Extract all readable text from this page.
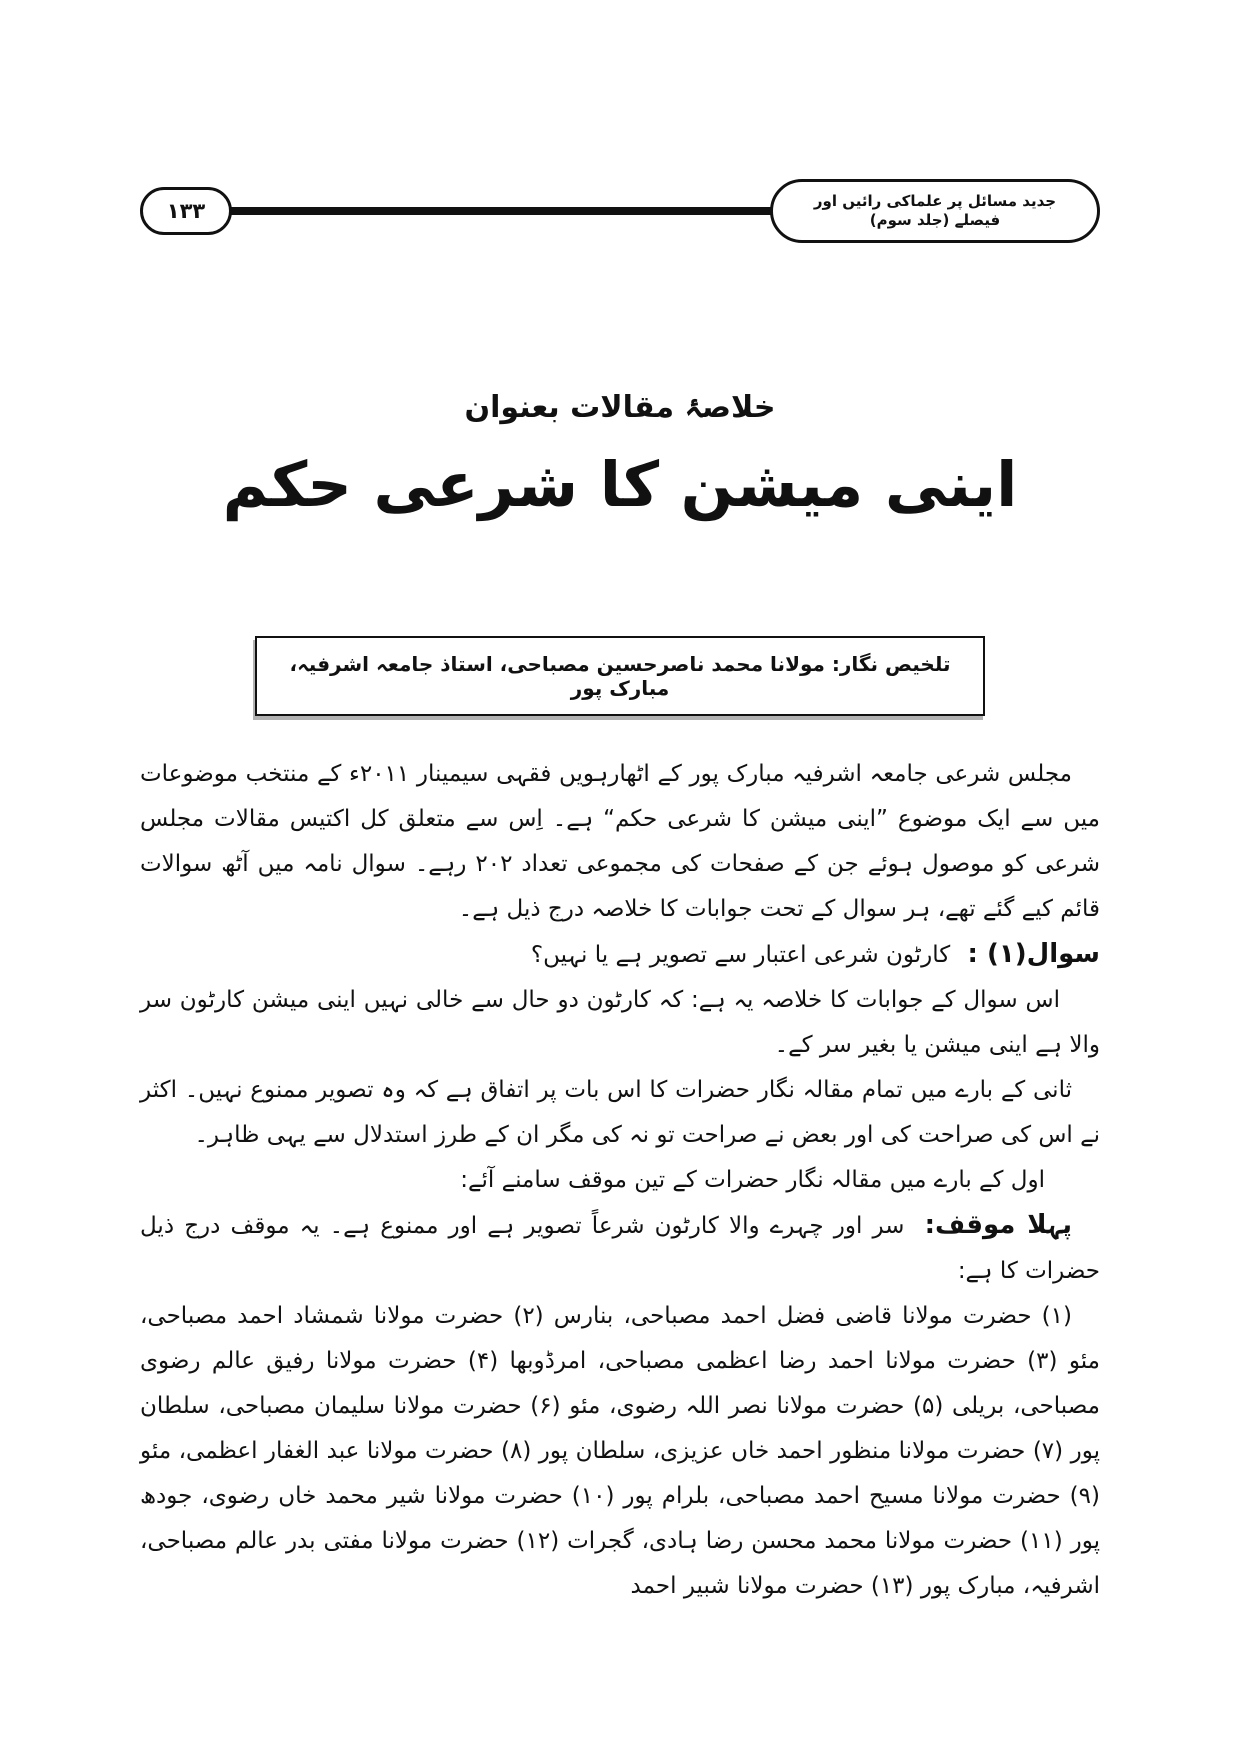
۱۳۳	جدید مسائل پر علماکی رائیں اور فیصلے (جلد سوم)
خلاصۂ مقالات بعنوان
اینی میشن کا شرعی حکم
تلخیص نگار: مولانا محمد ناصرحسین مصباحی، استاذ جامعہ اشرفیہ، مبارک پور

مجلس شرعی جامعہ اشرفیہ مبارک پور کے اٹھارہویں فقہی سیمینار ۲۰۱۱ء کے منتخب موضوعات میں سے ایک موضوع ”اینی میشن کا شرعی حکم“ ہے۔ اِس سے متعلق کل اکتیس مقالات مجلس شرعی کو موصول ہوئے جن کے صفحات کی مجموعی تعداد ۲۰۲ رہے۔ سوال نامہ میں آٹھ سوالات قائم کیے گئے تھے، ہر سوال کے تحت جوابات کا خلاصہ درج ذیل ہے۔

سوال(۱) : کارٹون شرعی اعتبار سے تصویر ہے یا نہیں؟

اس سوال کے جوابات کا خلاصہ یہ ہے: کہ کارٹون دو حال سے خالی نہیں اینی میشن کارٹون سر والا ہے اینی میشن یا بغیر سر کے۔

ثانی کے بارے میں تمام مقالہ نگار حضرات کا اس بات پر اتفاق ہے کہ وہ تصویر ممنوع نہیں۔ اکثر نے اس کی صراحت کی اور بعض نے صراحت تو نہ کی مگر ان کے طرز استدلال سے یہی ظاہر۔

اول کے بارے میں مقالہ نگار حضرات کے تین موقف سامنے آئے:

پہلا موقف: سر اور چہرے والا کارٹون شرعاً تصویر ہے اور ممنوع ہے۔ یہ موقف درج ذیل حضرات کا ہے:

(۱) حضرت مولانا قاضی فضل احمد مصباحی، بنارس (۲) حضرت مولانا شمشاد احمد مصباحی، مئو (۳) حضرت مولانا احمد رضا اعظمی مصباحی، امرڈوبھا (۴) حضرت مولانا رفیق عالم رضوی مصباحی، بریلی (۵) حضرت مولانا نصر اللہ رضوی، مئو (۶) حضرت مولانا سلیمان مصباحی، سلطان پور (۷) حضرت مولانا منظور احمد خاں عزیزی، سلطان پور (۸) حضرت مولانا عبد الغفار اعظمی، مئو (۹) حضرت مولانا مسیح احمد مصباحی، بلرام پور (۱۰) حضرت مولانا شیر محمد خاں رضوی، جودھ پور (۱۱) حضرت مولانا محمد محسن رضا ہادی، گجرات (۱۲) حضرت مولانا مفتی بدر عالم مصباحی، اشرفیہ، مبارک پور (۱۳) حضرت مولانا شبیر احمد
